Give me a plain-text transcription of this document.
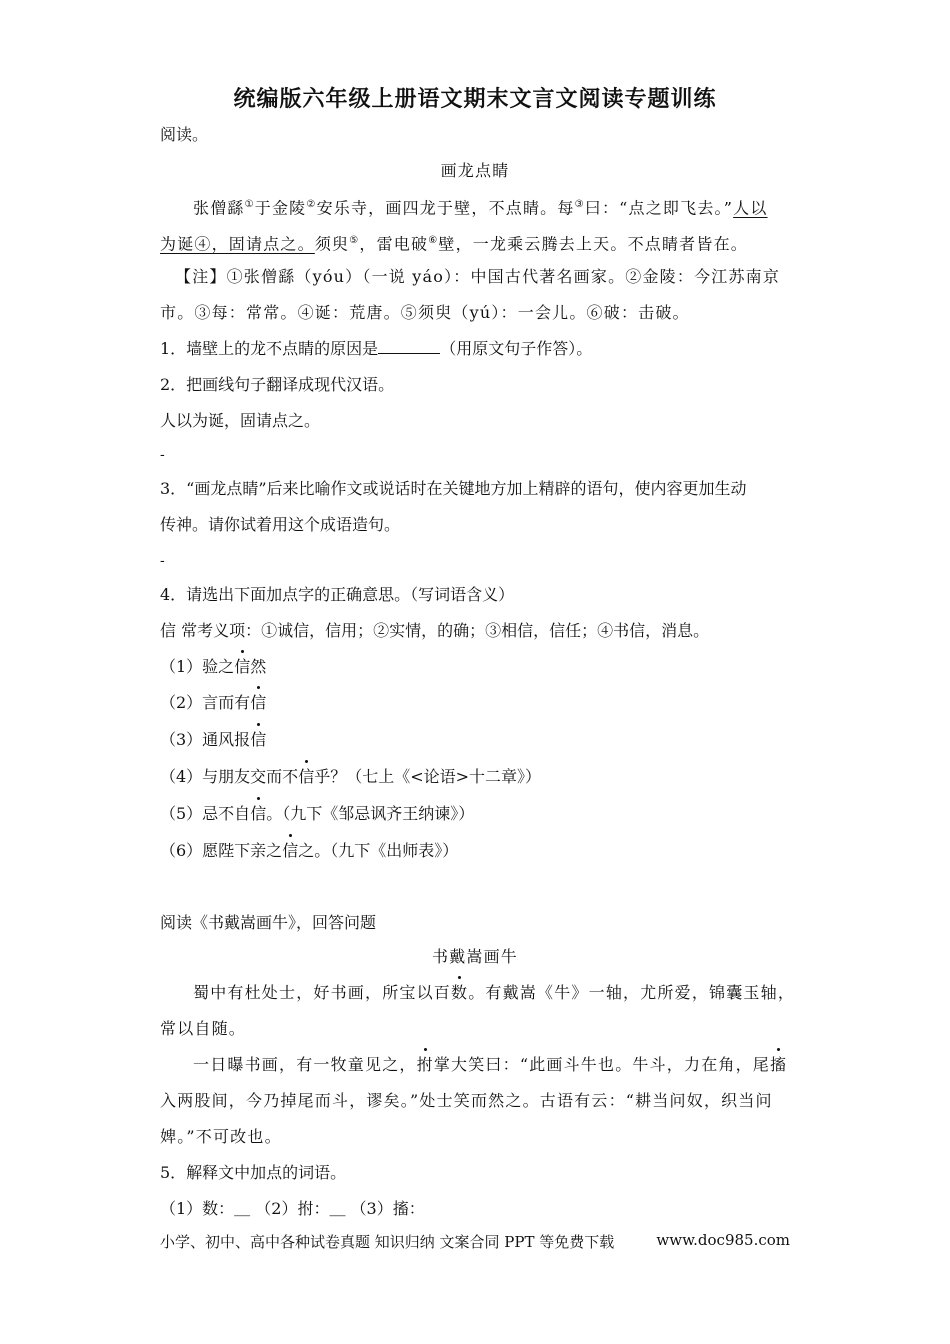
统编版六年级上册语文期末文言文阅读专题训练
阅读。
画龙点睛
张僧繇①于金陵②安乐寺，画四龙于壁，不点睛。每③曰：“点之即飞去。”人以
为诞④，固请点之。须臾⑤，雷电破⑥壁，一龙乘云腾去上天。不点睛者皆在。
【注】①张僧繇（yóu）（一说 yáo）：中国古代著名画家。②金陵：今江苏南京
市。③每：常常。④诞：荒唐。⑤须臾（yú）：一会儿。⑥破：击破。
1．墙壁上的龙不点睛的原因是	（用原文句子作答）。
2．把画线句子翻译成现代汉语。
人以为诞，固请点之。
-
3．“画龙点睛”后来比喻作文或说话时在关键地方加上精辟的语句，使内容更加生动
传神。请你试着用这个成语造句。
-
4．请选出下面加点字的正确意思。（写词语含义）
信 常考义项：①诚信，信用；②实情，的确；③相信，信任；④书信，消息。
（1）验之信然
（2）言而有信
（3）通风报信
（4）与朋友交而不信乎？（七上《<论语>十二章》）
（5）忌不自信。（九下《邹忌讽齐王纳谏》）
（6）愿陛下亲之信之。（九下《出师表》）
阅读《书戴嵩画牛》，回答问题
书戴嵩画牛
蜀中有杜处士，好书画，所宝以百数。有戴嵩《牛》一轴，尤所爱，锦囊玉轴，
常以自随。
一日曝书画，有一牧童见之，拊掌大笑曰：“此画斗牛也。牛斗，力在角，尾搐
入两股间，今乃掉尾而斗，谬矣。”处士笑而然之。古语有云：“耕当问奴，织当问
婢。”不可改也。
5．解释文中加点的词语。
（1）数：＿ （2）拊：＿ （3）搐：
小学、初中、高中各种试卷真题 知识归纳 文案合同 PPT 等免费下载	www.doc985.com
